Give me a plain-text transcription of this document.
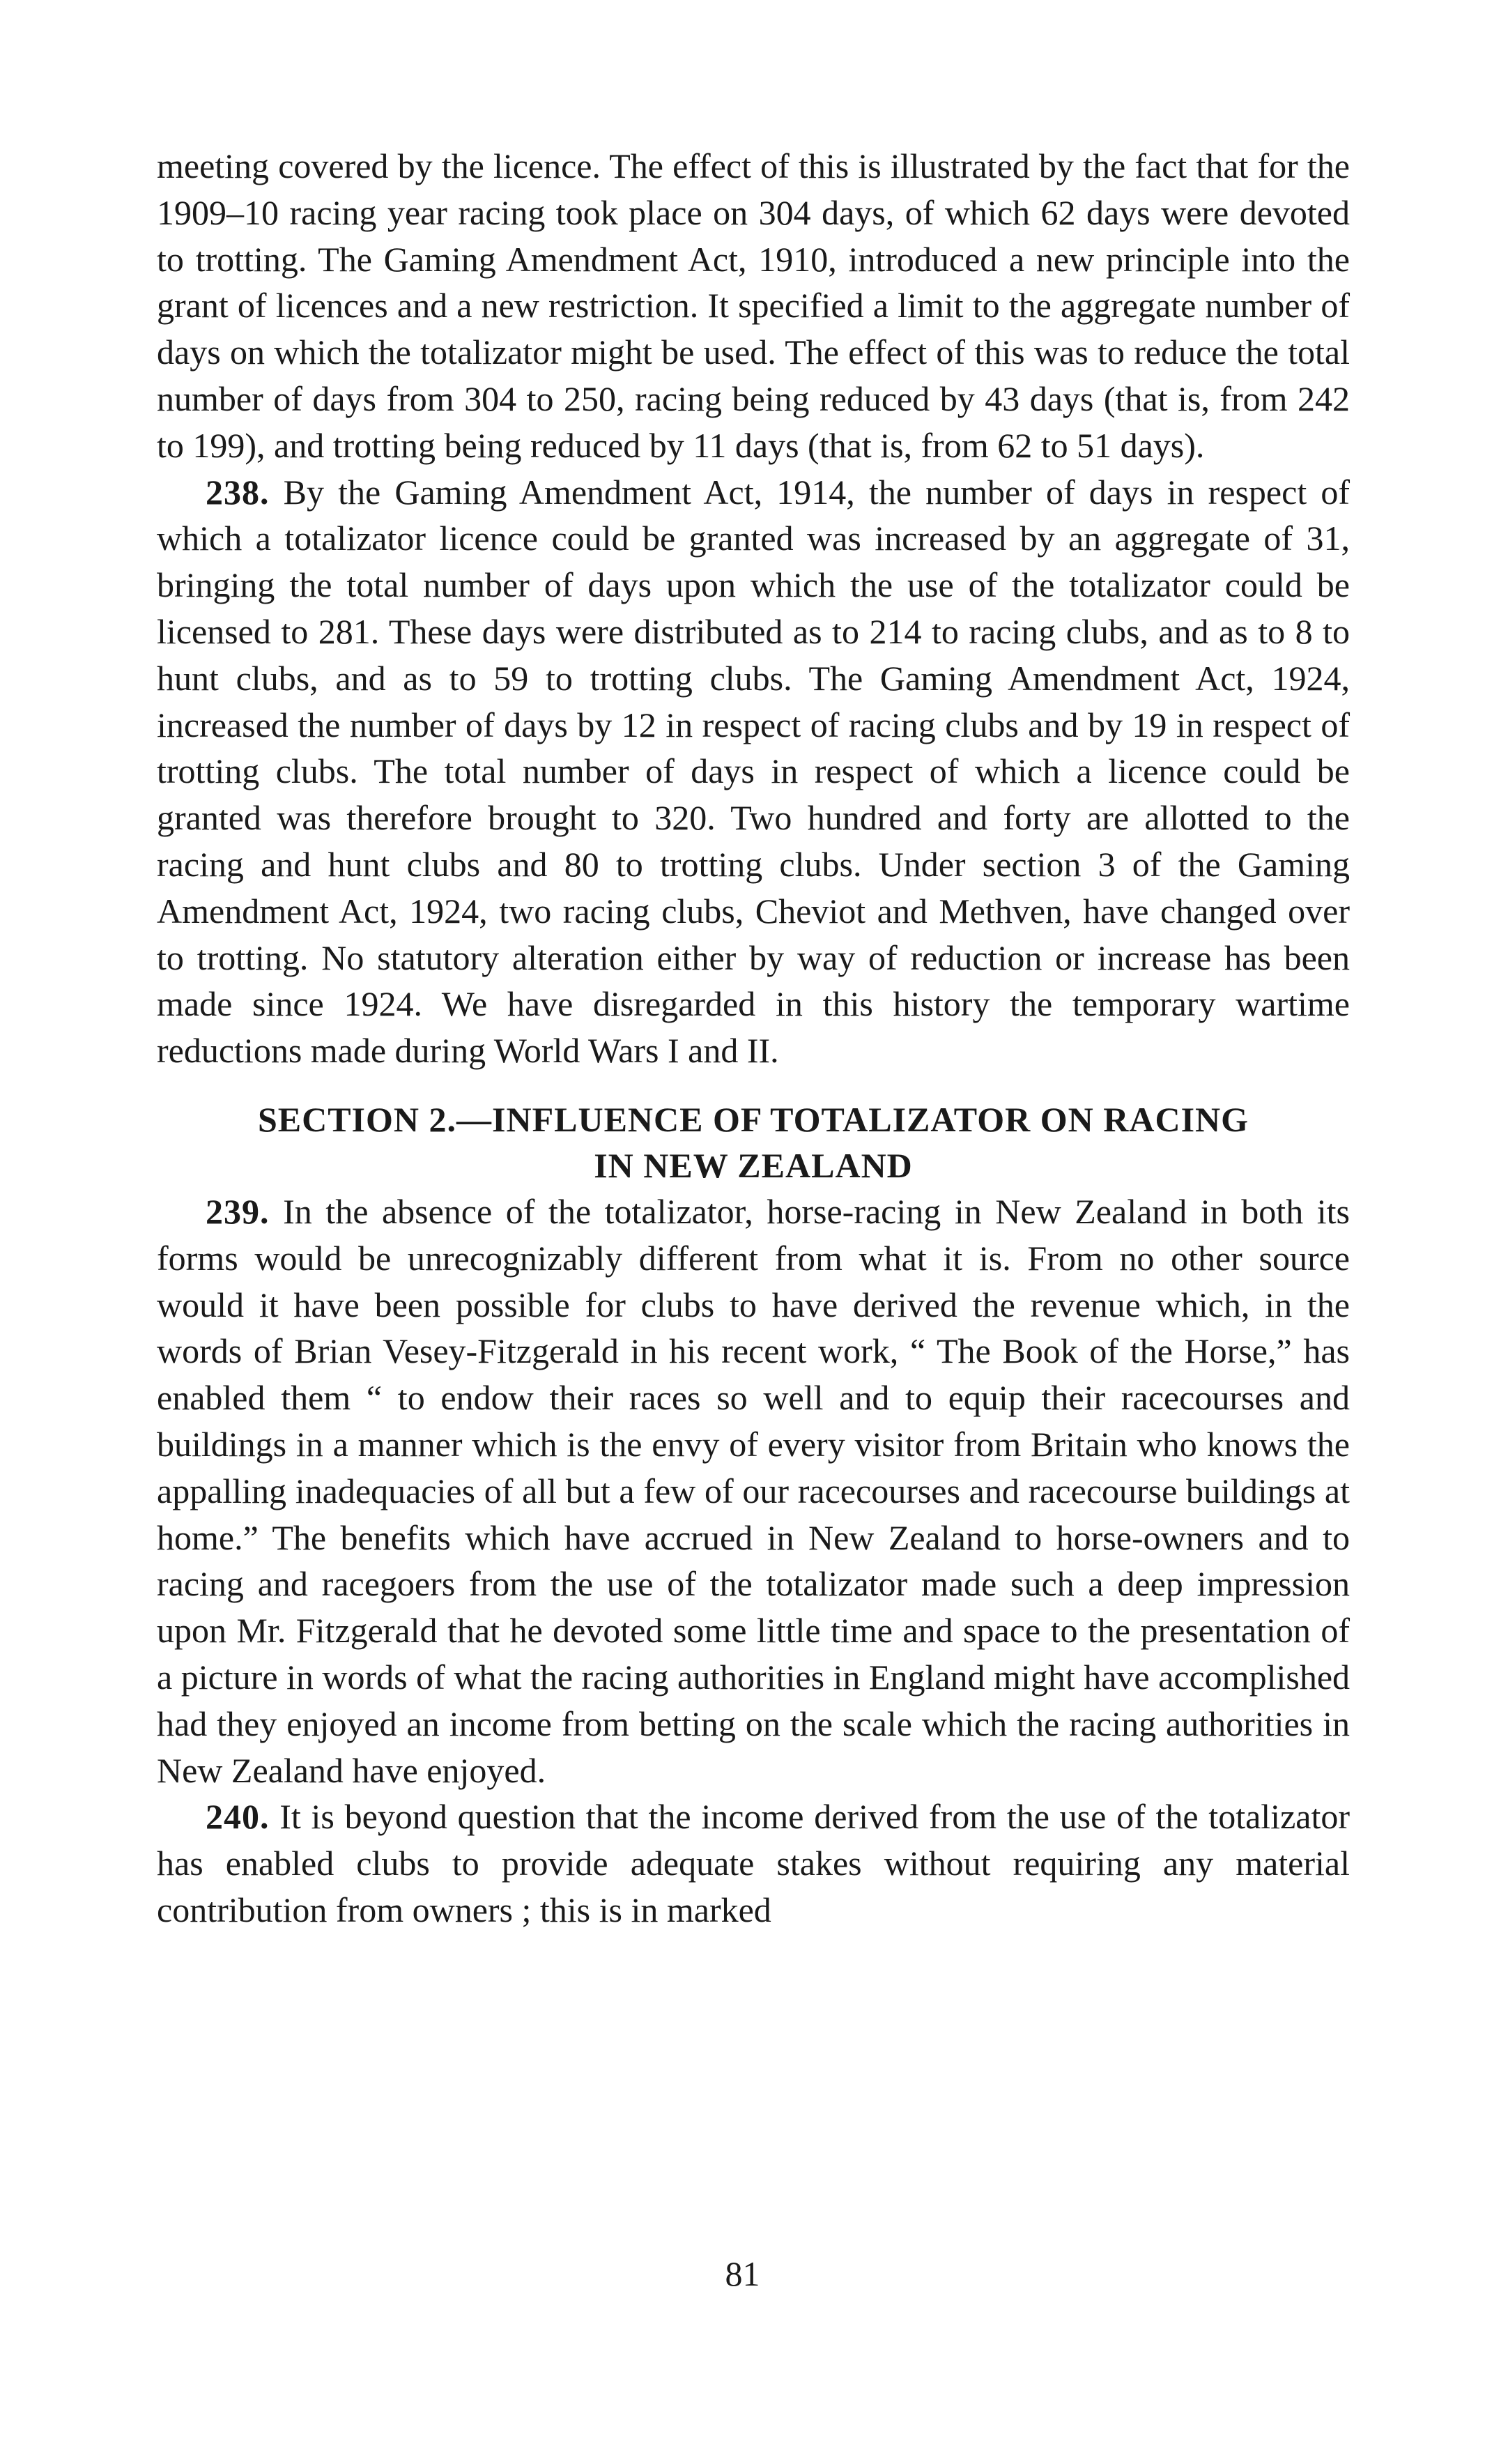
meeting covered by the licence. The effect of this is illustrated by the fact that for the 1909–10 racing year racing took place on 304 days, of which 62 days were devoted to trotting. The Gaming Amendment Act, 1910, introduced a new principle into the grant of licences and a new restriction. It specified a limit to the aggregate number of days on which the totalizator might be used. The effect of this was to reduce the total number of days from 304 to 250, racing being reduced by 43 days (that is, from 242 to 199), and trotting being reduced by 11 days (that is, from 62 to 51 days).

238. By the Gaming Amendment Act, 1914, the number of days in respect of which a totalizator licence could be granted was increased by an aggregate of 31, bringing the total number of days upon which the use of the totalizator could be licensed to 281. These days were distributed as to 214 to racing clubs, and as to 8 to hunt clubs, and as to 59 to trotting clubs. The Gaming Amendment Act, 1924, increased the number of days by 12 in respect of racing clubs and by 19 in respect of trotting clubs. The total number of days in respect of which a licence could be granted was therefore brought to 320. Two hundred and forty are allotted to the racing and hunt clubs and 80 to trotting clubs. Under section 3 of the Gaming Amendment Act, 1924, two racing clubs, Cheviot and Methven, have changed over to trotting. No statutory alteration either by way of reduction or increase has been made since 1924. We have disregarded in this history the temporary wartime reductions made during World Wars I and II.

SECTION 2.—INFLUENCE OF TOTALIZATOR ON RACING
IN NEW ZEALAND

239. In the absence of the totalizator, horse-racing in New Zealand in both its forms would be unrecognizably different from what it is. From no other source would it have been possible for clubs to have derived the revenue which, in the words of Brian Vesey-Fitzgerald in his recent work, “ The Book of the Horse,” has enabled them “ to endow their races so well and to equip their racecourses and buildings in a manner which is the envy of every visitor from Britain who knows the appalling inadequacies of all but a few of our racecourses and racecourse buildings at home.” The benefits which have accrued in New Zealand to horse-owners and to racing and racegoers from the use of the totalizator made such a deep impression upon Mr. Fitzgerald that he devoted some little time and space to the presentation of a picture in words of what the racing authorities in England might have accomplished had they enjoyed an income from betting on the scale which the racing authorities in New Zealand have enjoyed.

240. It is beyond question that the income derived from the use of the totalizator has enabled clubs to provide adequate stakes without requiring any material contribution from owners ; this is in marked

81
